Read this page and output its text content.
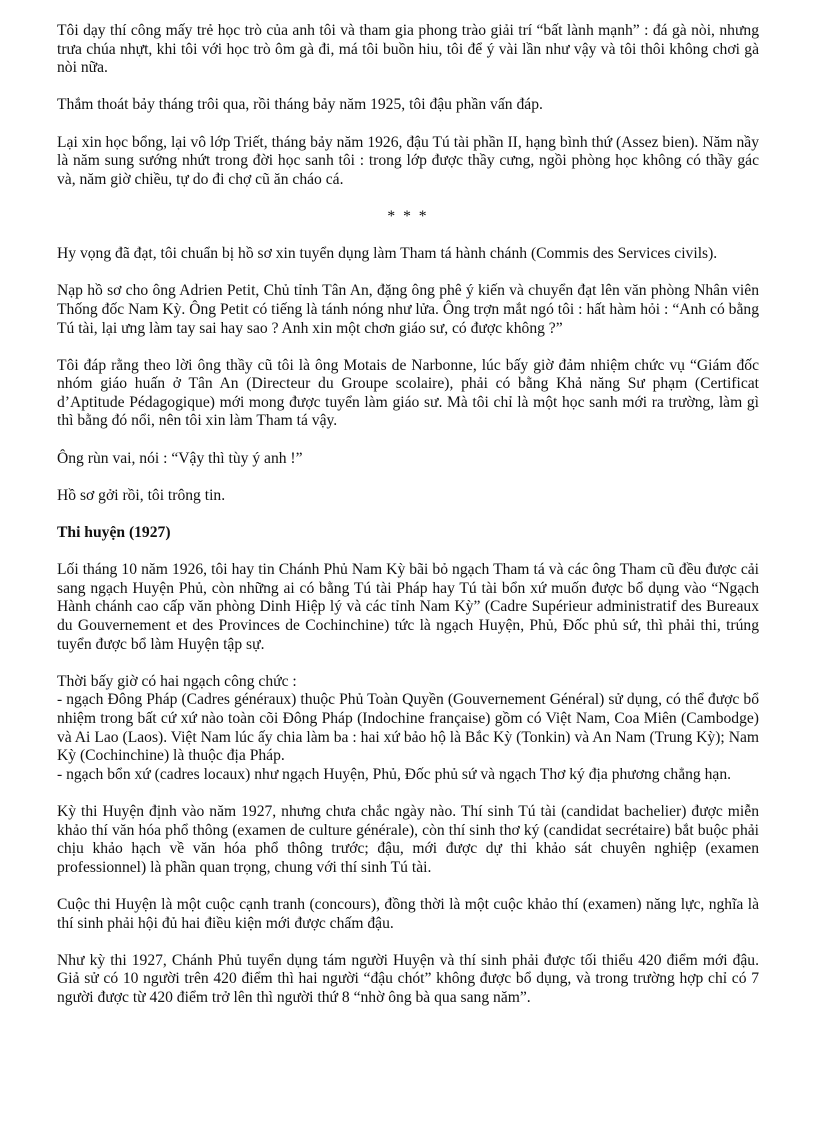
Tôi dạy thí công mấy trẻ học trò của anh tôi và tham gia phong trào giải trí “bất lành mạnh” : đá gà nòi, nhưng trưa chúa nhựt, khi tôi với học trò ôm gà đi, má tôi buồn hiu, tôi để ý vài lần như vậy và tôi thôi không chơi gà nòi nữa.

Thắm thoát bảy tháng trôi qua, rồi tháng bảy năm 1925, tôi đậu phần vấn đáp.

Lại xin học bổng, lại vô lớp Triết, tháng bảy năm 1926, đậu Tú tài phần II, hạng bình thứ (Assez bien). Năm nầy là năm sung sướng nhứt trong đời học sanh tôi : trong lớp được thầy cưng, ngồi phòng học không có thầy gác và, năm giờ chiều, tự do đi chợ cũ ăn cháo cá.

* * *

Hy vọng đã đạt, tôi chuẩn bị hồ sơ xin tuyển dụng làm Tham tá hành chánh (Commis des Services civils).

Nạp hồ sơ cho ông Adrien Petit, Chủ tỉnh Tân An, đặng ông phê ý kiến và chuyển đạt lên văn phòng Nhân viên Thống đốc Nam Kỳ. Ông Petit có tiếng là tánh nóng như lửa. Ông trợn mắt ngó tôi : hất hàm hỏi : “Anh có bằng Tú tài, lại ưng làm tay sai hay sao ? Anh xin một chơn giáo sư, có được không ?”

Tôi đáp rằng theo lời ông thầy cũ tôi là ông Motais de Narbonne, lúc bấy giờ đảm nhiệm chức vụ “Giám đốc nhóm giáo huấn ở Tân An (Directeur du Groupe scolaire), phải có bằng Khả năng Sư phạm (Certificat d’Aptitude Pédagogique) mới mong được tuyển làm giáo sư. Mà tôi chỉ là một học sanh mới ra trường, làm gì thì bằng đó nổi, nên tôi xin làm Tham tá vậy.

Ông rùn vai, nói : “Vậy thì tùy ý anh !”

Hồ sơ gởi rồi, tôi trông tin.

Thi huyện (1927)

Lối tháng 10 năm 1926, tôi hay tin Chánh Phủ Nam Kỳ bãi bỏ ngạch Tham tá và các ông Tham cũ đều được cải sang ngạch Huyện Phủ, còn những ai có bằng Tú tài Pháp hay Tú tài bổn xứ muốn được bổ dụng vào “Ngạch Hành chánh cao cấp văn phòng Dinh Hiệp lý và các tỉnh Nam Kỳ” (Cadre Supérieur administratif des Bureaux du Gouvernement et des Provinces de Cochinchine) tức là ngạch Huyện, Phủ, Đốc phủ sứ, thì phải thi, trúng tuyển được bổ làm Huyện tập sự.

Thời bấy giờ có hai ngạch công chức :
- ngạch Đông Pháp (Cadres généraux) thuộc Phủ Toàn Quyền (Gouvernement Général) sử dụng, có thể được bổ nhiệm trong bất cứ xứ nào toàn cõi Đông Pháp (Indochine française) gồm có Việt Nam, Coa Miên (Cambodge) và Ai Lao (Laos). Việt Nam lúc ấy chia làm ba : hai xứ bảo hộ là Bắc Kỳ (Tonkin) và An Nam (Trung Kỳ); Nam Kỳ (Cochinchine) là thuộc địa Pháp.
- ngạch bổn xứ (cadres locaux) như ngạch Huyện, Phủ, Đốc phủ sứ và ngạch Thơ ký địa phương chẳng hạn.

Kỳ thi Huyện định vào năm 1927, nhưng chưa chắc ngày nào. Thí sinh Tú tài (candidat bachelier) được miễn khảo thí văn hóa phổ thông (examen de culture générale), còn thí sinh thơ ký (candidat secrétaire) bắt buộc phải chịu khảo hạch về văn hóa phổ thông trước; đậu, mới được dự thi khảo sát chuyên nghiệp (examen professionnel) là phần quan trọng, chung với thí sinh Tú tài.

Cuộc thi Huyện là một cuộc cạnh tranh (concours), đồng thời là một cuộc khảo thí (examen) năng lực, nghĩa là thí sinh phải hội đủ hai điều kiện mới được chấm đậu.

Như kỳ thi 1927, Chánh Phủ tuyển dụng tám người Huyện và thí sinh phải được tối thiểu 420 điểm mới đậu. Giả sử có 10 người trên 420 điểm thì hai người “đậu chót” không được bổ dụng, và trong trường hợp chỉ có 7 người được từ 420 điểm trở lên thì người thứ 8 “nhờ ông bà qua sang năm”.
